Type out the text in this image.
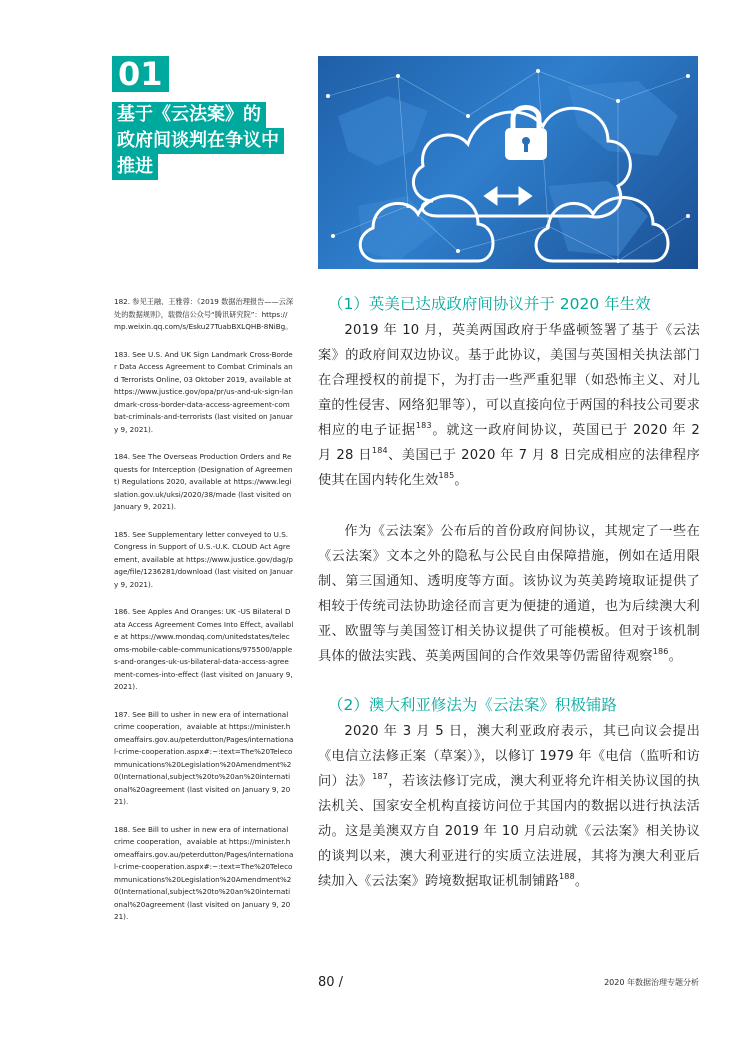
01
基于《云法案》的
政府间谈判在争议中
推进

182. 参见王融、王雅蓉：《2019 数据治理报告——云深处的数据规则》，载微信公众号“腾讯研究院”：https://mp.weixin.qq.com/s/Esku27TuabBXLQHB-8NiBg。

183. See U.S. And UK Sign Landmark Cross-Border Data Access Agreement to Combat Criminals and Terrorists Online, 03 Oktober 2019, available at https://www.justice.gov/opa/pr/us-and-uk-sign-landmark-cross-border-data-access-agreement-combat-criminals-and-terrorists (last visited on January 9, 2021).

184. See The Overseas Production Orders and Requests for Interception (Designation of Agreement) Regulations 2020, available at https://www.legislation.gov.uk/uksi/2020/38/made (last visited on January 9, 2021).

185. See Supplementary letter conveyed to U.S. Congress in Support of U.S.-U.K. CLOUD Act Agreement, available at https://www.justice.gov/dag/page/file/1236281/download (last visited on January 9, 2021).

186. See Apples And Oranges: UK -US Bilateral Data Access Agreement Comes Into Effect, available at https://www.mondaq.com/unitedstates/telecoms-mobile-cable-communications/975500/apples-and-oranges-uk-us-bilateral-data-access-agreement-comes-into-effect (last visited on January 9, 2021).

187. See Bill to usher in new era of international crime cooperation，avaiable at https://minister.homeaffairs.gov.au/peterdutton/Pages/international-crime-cooperation.aspx#:~:text=The%20Telecommunications%20Legislation%20Amendment%20(International,subject%20to%20an%20international%20agreement (last visited on January 9, 2021).

188. See Bill to usher in new era of international crime cooperation，avaiable at https://minister.homeaffairs.gov.au/peterdutton/Pages/international-crime-cooperation.aspx#:~:text=The%20Telecommunications%20Legislation%20Amendment%20(International,subject%20to%20an%20international%20agreement (last visited on January 9, 2021).

（1）英美已达成政府间协议并于 2020 年生效

2019 年 10 月，英美两国政府于华盛顿签署了基于《云法案》的政府间双边协议。基于此协议，美国与英国相关执法部门在合理授权的前提下，为打击一些严重犯罪（如恐怖主义、对儿童的性侵害、网络犯罪等），可以直接向位于两国的科技公司要求相应的电子证据$^{183}$。就这一政府间协议，英国已于 2020 年 2 月 28 日$^{184}$、美国已于 2020 年 7 月 8 日完成相应的法律程序使其在国内转化生效$^{185}$。

作为《云法案》公布后的首份政府间协议，其规定了一些在《云法案》文本之外的隐私与公民自由保障措施，例如在适用限制、第三国通知、透明度等方面。该协议为英美跨境取证提供了相较于传统司法协助途径而言更为便捷的通道，也为后续澳大利亚、欧盟等与美国签订相关协议提供了可能模板。但对于该机制具体的做法实践、英美两国间的合作效果等仍需留待观察$^{186}$。

（2）澳大利亚修法为《云法案》积极铺路

2020 年 3 月 5 日，澳大利亚政府表示，其已向议会提出《电信立法修正案（草案）》，以修订 1979 年《电信（监听和访问）法》$^{187}$，若该法修订完成，澳大利亚将允许相关协议国的执法机关、国家安全机构直接访问位于其国内的数据以进行执法活动。这是美澳双方自 2019 年 10 月启动就《云法案》相关协议的谈判以来，澳大利亚进行的实质立法进展，其将为澳大利亚后续加入《云法案》跨境数据取证机制铺路$^{188}$。

80 /	2020 年数据治理专题分析
